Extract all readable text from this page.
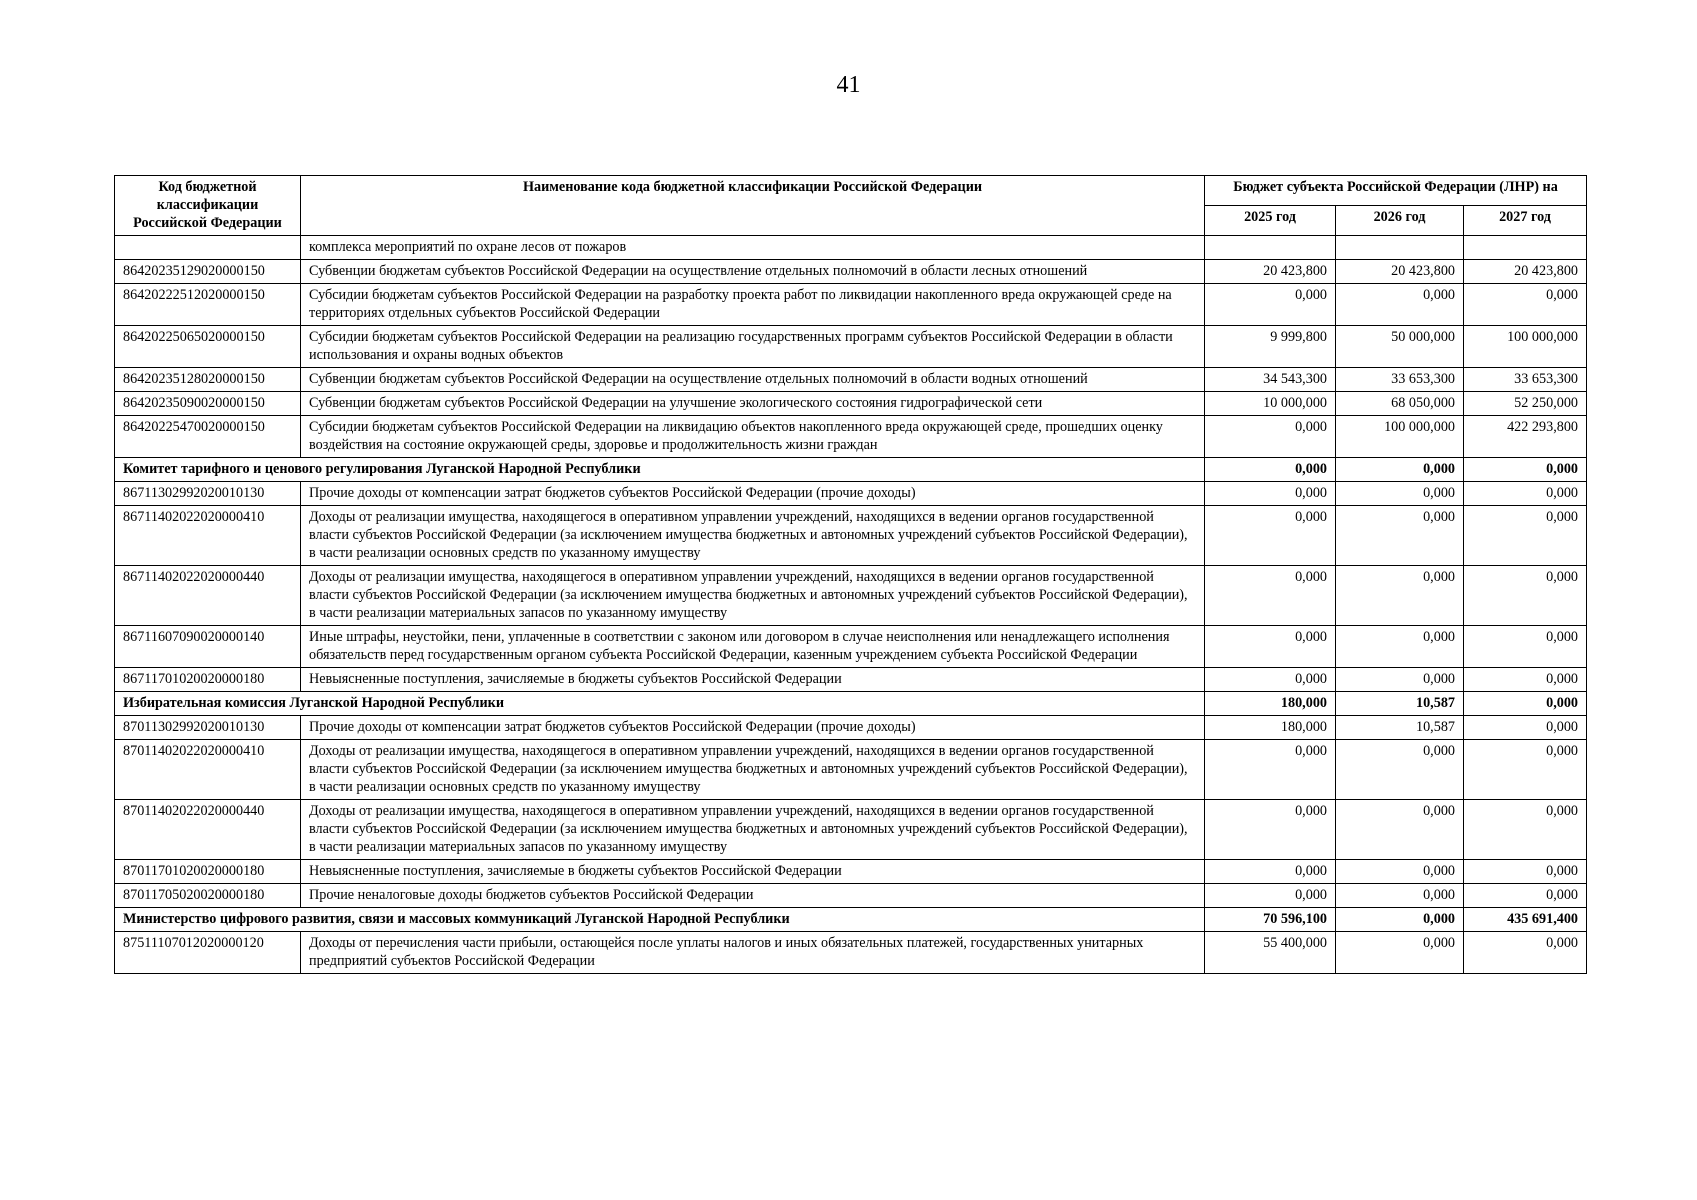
41
Код бюджетной классификации Российской Федерации	Наименование кода бюджетной классификации Российской Федерации	Бюджет субъекта Российской Федерации (ЛНР) на		
		2025 год	2026 год	2027 год
	комплекса мероприятий по охране лесов от пожаров			
86420235129020000150	Субвенции бюджетам субъектов Российской Федерации на осуществление отдельных полномочий в области лесных отношений	20 423,800	20 423,800	20 423,800
86420222512020000150	Субсидии бюджетам субъектов Российской Федерации на разработку проекта работ по ликвидации накопленного вреда окружающей среде на территориях отдельных субъектов Российской Федерации	0,000	0,000	0,000
86420225065020000150	Субсидии бюджетам субъектов Российской Федерации на реализацию государственных программ субъектов Российской Федерации в области использования и охраны водных объектов	9 999,800	50 000,000	100 000,000
86420235128020000150	Субвенции бюджетам субъектов Российской Федерации на осуществление отдельных полномочий в области водных отношений	34 543,300	33 653,300	33 653,300
86420235090020000150	Субвенции бюджетам субъектов Российской Федерации на улучшение экологического состояния гидрографической сети	10 000,000	68 050,000	52 250,000
86420225470020000150	Субсидии бюджетам субъектов Российской Федерации на ликвидацию объектов накопленного вреда окружающей среде, прошедших оценку воздействия на состояние окружающей среды, здоровье и продолжительность жизни граждан	0,000	100 000,000	422 293,800
Комитет тарифного и ценового регулирования Луганской Народной Республики		0,000	0,000	0,000
86711302992020010130	Прочие доходы от компенсации затрат бюджетов субъектов Российской Федерации (прочие доходы)	0,000	0,000	0,000
86711402022020000410	Доходы от реализации имущества, находящегося в оперативном управлении учреждений, находящихся в ведении органов государственной власти субъектов Российской Федерации (за исключением имущества бюджетных и автономных учреждений субъектов Российской Федерации), в части реализации основных средств по указанному имуществу	0,000	0,000	0,000
86711402022020000440	Доходы от реализации имущества, находящегося в оперативном управлении учреждений, находящихся в ведении органов государственной власти субъектов Российской Федерации (за исключением имущества бюджетных и автономных учреждений субъектов Российской Федерации), в части реализации материальных запасов по указанному имуществу	0,000	0,000	0,000
86711607090020000140	Иные штрафы, неустойки, пени, уплаченные в соответствии с законом или договором в случае неисполнения или ненадлежащего исполнения обязательств перед государственным органом субъекта Российской Федерации, казенным учреждением субъекта Российской Федерации	0,000	0,000	0,000
86711701020020000180	Невыясненные поступления, зачисляемые в бюджеты субъектов Российской Федерации	0,000	0,000	0,000
Избирательная комиссия Луганской Народной Республики		180,000	10,587	0,000
87011302992020010130	Прочие доходы от компенсации затрат бюджетов субъектов Российской Федерации (прочие доходы)	180,000	10,587	0,000
87011402022020000410	Доходы от реализации имущества, находящегося в оперативном управлении учреждений, находящихся в ведении органов государственной власти субъектов Российской Федерации (за исключением имущества бюджетных и автономных учреждений субъектов Российской Федерации), в части реализации основных средств по указанному имуществу	0,000	0,000	0,000
87011402022020000440	Доходы от реализации имущества, находящегося в оперативном управлении учреждений, находящихся в ведении органов государственной власти субъектов Российской Федерации (за исключением имущества бюджетных и автономных учреждений субъектов Российской Федерации), в части реализации материальных запасов по указанному имуществу	0,000	0,000	0,000
87011701020020000180	Невыясненные поступления, зачисляемые в бюджеты субъектов Российской Федерации	0,000	0,000	0,000
87011705020020000180	Прочие неналоговые доходы бюджетов субъектов Российской Федерации	0,000	0,000	0,000
Министерство цифрового развития, связи и массовых коммуникаций Луганской Народной Республики		70 596,100	0,000	435 691,400
87511107012020000120	Доходы от перечисления части прибыли, остающейся после уплаты налогов и иных обязательных платежей, государственных унитарных предприятий субъектов Российской Федерации	55 400,000	0,000	0,000
